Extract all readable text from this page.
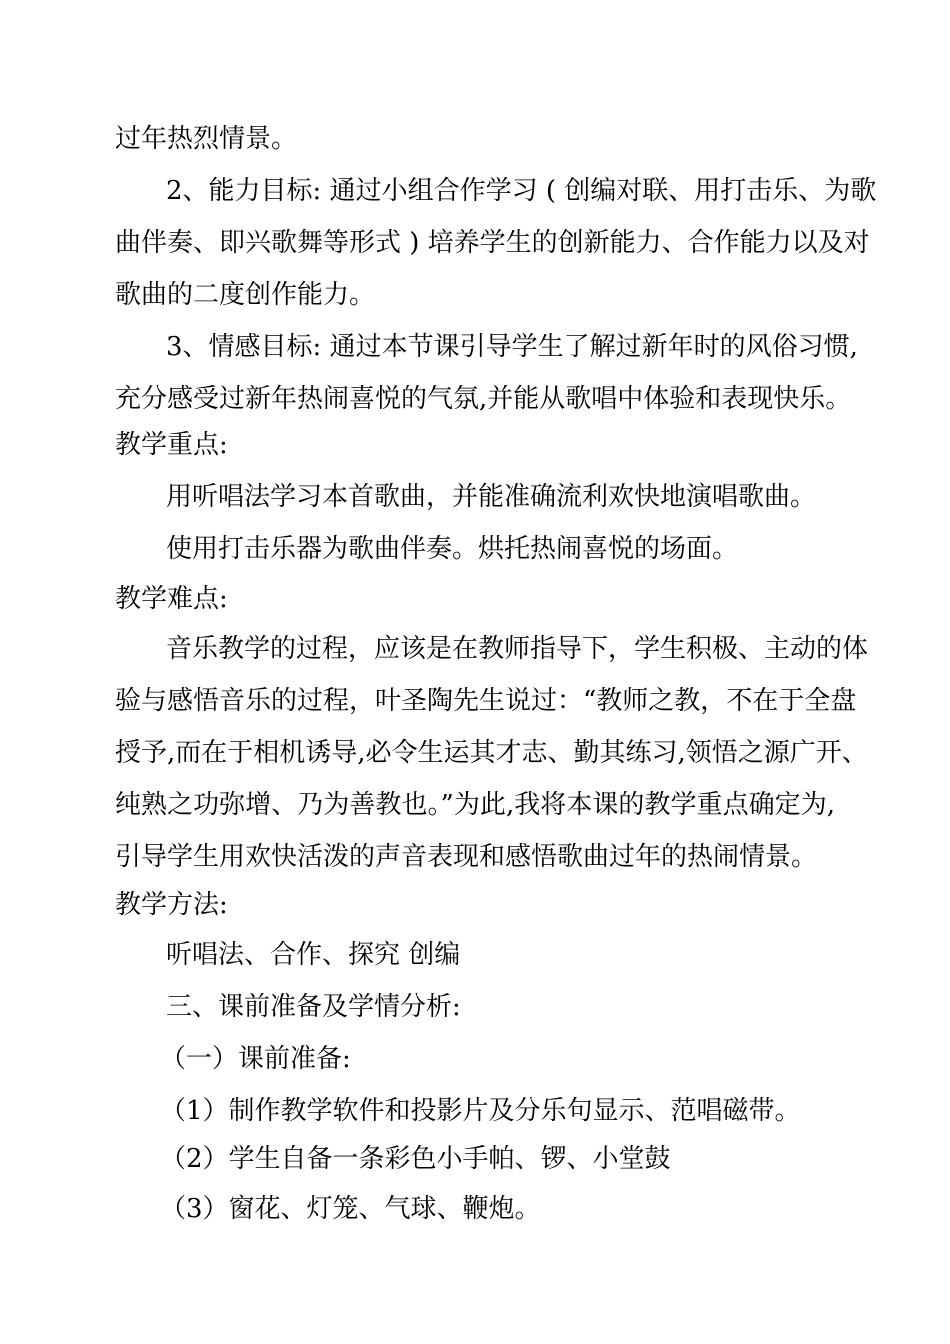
过年热烈情景。
2、能力目标: 通过小组合作学习 ( 创编对联、用打击乐、为歌
曲伴奏、即兴歌舞等形式 ) 培养学生的创新能力、合作能力以及对
歌曲的二度创作能力。
3、情感目标: 通过本节课引导学生了解过新年时的风俗习惯,
充分感受过新年热闹喜悦的气氛,并能从歌唱中体验和表现快乐。
教学重点:
用听唱法学习本首歌曲，并能准确流利欢快地演唱歌曲。
使用打击乐器为歌曲伴奏。烘托热闹喜悦的场面。
教学难点:
音乐教学的过程，应该是在教师指导下，学生积极、主动的体
验与感悟音乐的过程，叶圣陶先生说过：“教师之教，不在于全盘
授予,而在于相机诱导,必令生运其才志、勤其练习,领悟之源广开、
纯熟之功弥增、乃为善教也。”为此,我将本课的教学重点确定为,
引导学生用欢快活泼的声音表现和感悟歌曲过年的热闹情景。
教学方法:
听唱法、合作、探究 创编
三、课前准备及学情分析:
（一）课前准备:
（1）制作教学软件和投影片及分乐句显示、范唱磁带。
（2）学生自备一条彩色小手帕、锣、小堂鼓
（3）窗花、灯笼、气球、鞭炮。
